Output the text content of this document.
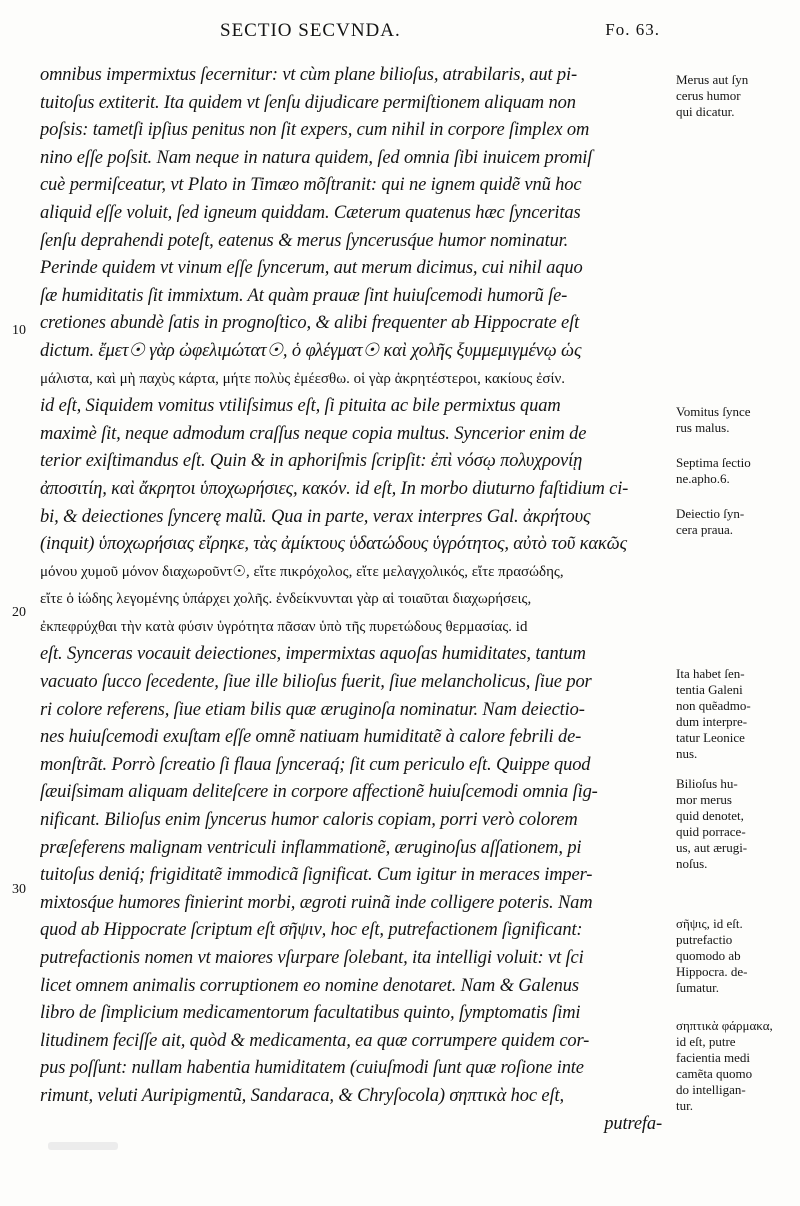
SECTIO SECVNDA.	Fo. 63.
omnibus impermixtus ſecernitur: vt cùm plane bilioſus, atrabilaris, aut pi-
tuitoſus extiterit. Ita quidem vt ſenſu dijudicare permiſtionem aliquam non
poſsis: tametſi ipſius penitus non ſit expers, cum nihil in corpore ſimplex om
nino eſſe poſsit. Nam neque in natura quidem, ſed omnia ſibi inuicem promiſ
cuè permiſceatur, vt Plato in Timæo mõſtranit: qui ne ignem quidẽ vnũ hoc
aliquid eſſe voluit, ſed igneum quiddam. Cæterum quatenus hæc ſynceritas
ſenſu deprahendi poteſt, eatenus & merus ſyncerusq́ue humor nominatur.
Perinde quidem vt vinum eſſe ſyncerum, aut merum dicimus, cui nihil aquo
ſæ humiditatis ſit immixtum. At quàm prauæ ſint huiuſcemodi humorũ ſe-
cretiones abundè ſatis in prognoſtico, & alibi frequenter ab Hippocrate eſt
dictum. ἔμετ☉ γὰρ ὠφελιμώτατ☉, ὁ φλέγματ☉ καὶ χολῆς ξυμμεμιγμένῳ ὡς
μάλιστα, καὶ μὴ παχὺς κάρτα, μήτε πολὺς ἐμέεσθω. οἱ γὰρ ἀκρητέστεροι, κακίους ἐσίν.
id eſt, Siquidem vomitus vtiliſsimus eſt, ſi pituita ac bile permixtus quam
maximè ſit, neque admodum craſſus neque copia multus. Syncerior enim de
terior exiſtimandus eſt. Quin & in aphoriſmis ſcripſit: ἐπὶ νόσῳ πολυχρονίῃ
ἀποσιτίη, καὶ ἄκρητοι ὑποχωρήσιες, κακόν. id eſt, In morbo diuturno faſtidium ci-
bi, & deiectiones ſyncerę malũ. Qua in parte, verax interpres Gal. ἀκρήτους
(inquit) ὑποχωρήσιας εἴρηκε, τὰς ἀμίκτους ὑδατώδους ὑγρότητος, αὐτὸ τοῦ κακῶς
μόνου χυμοῦ μόνον διαχωροῦντ☉, εἴτε πικρόχολος, εἴτε μελαγχολικός, εἴτε πρασώδης,
εἴτε ὁ ἰώδης λεγομένης ὑπάρχει χολῆς. ἐνδείκνυνται γὰρ αἱ τοιαῦται διαχωρήσεις,
ἐκπεφρύχθαι τὴν κατὰ φύσιν ὑγρότητα πᾶσαν ὑπὸ τῆς πυρετώδους θερμασίας. id
eſt. Synceras vocauit deiectiones, impermixtas aquoſas humiditates, tantum
vacuato ſucco ſecedente, ſiue ille bilioſus fuerit, ſiue melancholicus, ſiue por
ri colore referens, ſiue etiam bilis quæ æruginoſa nominatur. Nam deiectio-
nes huiuſcemodi exuſtam eſſe omnẽ natiuam humiditatẽ à calore febrili de-
monſtrãt. Porrò ſcreatio ſi flaua ſynceraq́; ſit cum periculo eſt. Quippe quod
ſæuiſsimam aliquam deliteſcere in corpore affectionẽ huiuſcemodi omnia ſig-
nificant. Bilioſus enim ſyncerus humor caloris copiam, porri verò colorem
præſeferens malignam ventriculi inflammationẽ, æruginoſus aſſationem, pi
tuitoſus deniq́; frigiditatẽ immodicã ſignificat. Cum igitur in meraces imper-
mixtosq́ue humores finierint morbi, ægroti ruinã inde colligere poteris. Nam
quod ab Hippocrate ſcriptum eſt σῆψιν, hoc eſt, putrefactionem ſignificant:
putrefactionis nomen vt maiores vſurpare ſolebant, ita intelligi voluit: vt ſci
licet omnem animalis corruptionem eo nomine denotaret. Nam & Galenus
libro de ſimplicium medicamentorum facultatibus quinto, ſymptomatis ſimi
litudinem feciſſe ait, quòd & medicamenta, ea quæ corrumpere quidem cor-
pus poſſunt: nullam habentia humiditatem (cuiuſmodi ſunt quæ roſione inte
rimunt, veluti Auripigmentũ, Sandaraca, & Chryſocola) σηπτικὰ hoc eſt,
putrefa-
10
20
30
Merus aut ſyn
cerus humor
qui dicatur.
Vomitus ſynce
rus malus.
Septima ſectio
ne.apho.6.
Deiectio ſyn-
cera praua.
Ita habet ſen-
tentia Galeni
non quẽadmo-
dum interpre-
tatur Leonice
nus.
Bilioſus hu-
mor merus
quid denotet,
quid porrace-
us, aut ærugi-
noſus.
σῆψις, id eſt.
putrefactio
quomodo ab
Hippocra. de-
ſumatur.
σηπτικὰ φάρμακα,
id eſt, putre
facientia medi
camẽta quomo
do intelligan-
tur.
